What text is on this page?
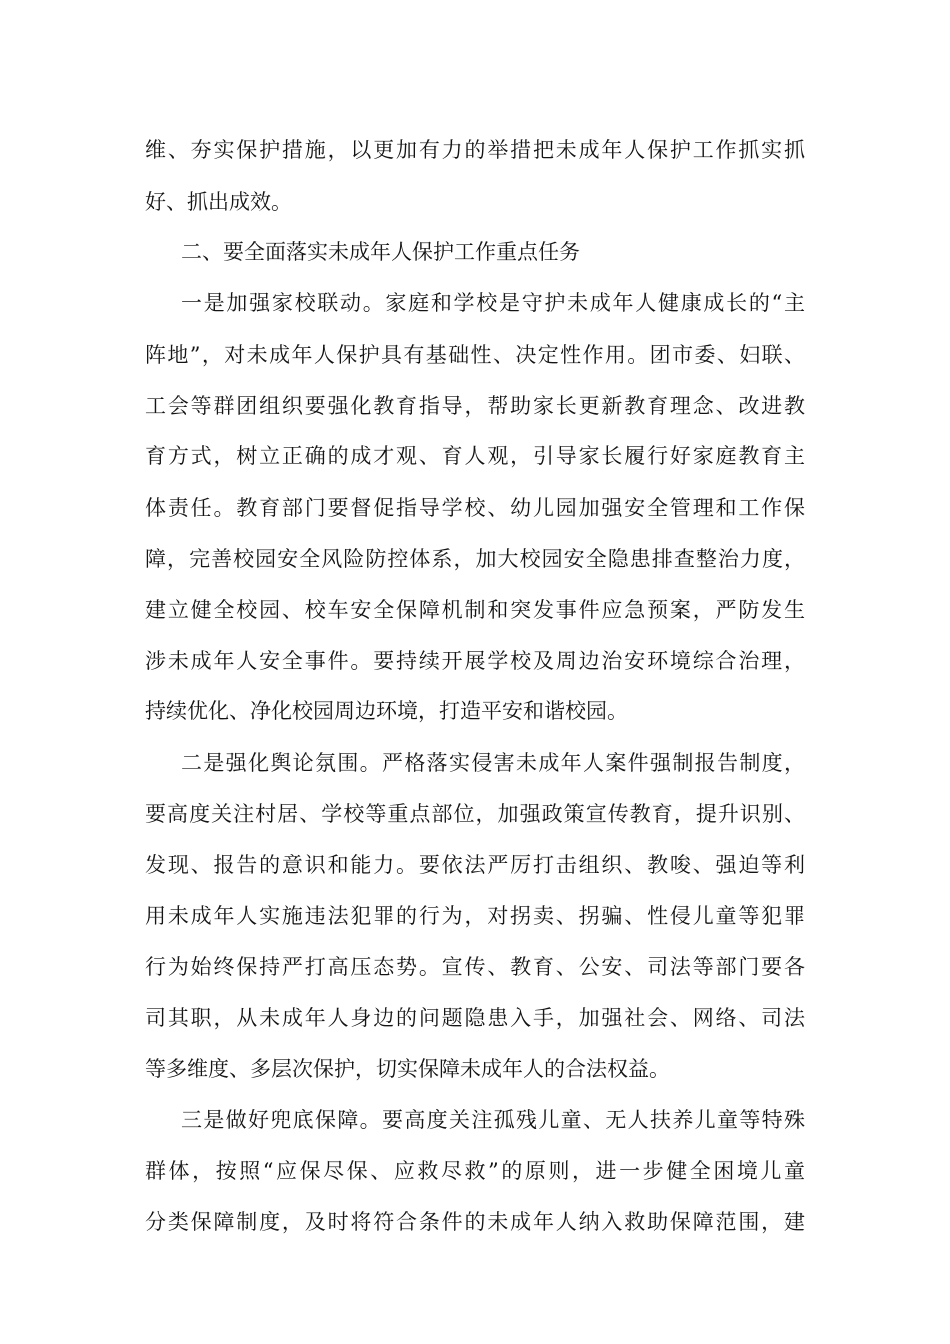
维、夯实保护措施，以更加有力的举措把未成年人保护工作抓实抓
好、抓出成效。
二、要全面落实未成年人保护工作重点任务
一是加强家校联动。家庭和学校是守护未成年人健康成长的“主
阵地”，对未成年人保护具有基础性、决定性作用。团市委、妇联、
工会等群团组织要强化教育指导，帮助家长更新教育理念、改进教
育方式，树立正确的成才观、育人观，引导家长履行好家庭教育主
体责任。教育部门要督促指导学校、幼儿园加强安全管理和工作保
障，完善校园安全风险防控体系，加大校园安全隐患排查整治力度，
建立健全校园、校车安全保障机制和突发事件应急预案，严防发生
涉未成年人安全事件。要持续开展学校及周边治安环境综合治理，
持续优化、净化校园周边环境，打造平安和谐校园。
二是强化舆论氛围。严格落实侵害未成年人案件强制报告制度，
要高度关注村居、学校等重点部位，加强政策宣传教育，提升识别、
发现、报告的意识和能力。要依法严厉打击组织、教唆、强迫等利
用未成年人实施违法犯罪的行为，对拐卖、拐骗、性侵儿童等犯罪
行为始终保持严打高压态势。宣传、教育、公安、司法等部门要各
司其职，从未成年人身边的问题隐患入手，加强社会、网络、司法
等多维度、多层次保护，切实保障未成年人的合法权益。
三是做好兜底保障。要高度关注孤残儿童、无人扶养儿童等特殊
群体，按照“应保尽保、应救尽救”的原则，进一步健全困境儿童
分类保障制度，及时将符合条件的未成年人纳入救助保障范围，建
